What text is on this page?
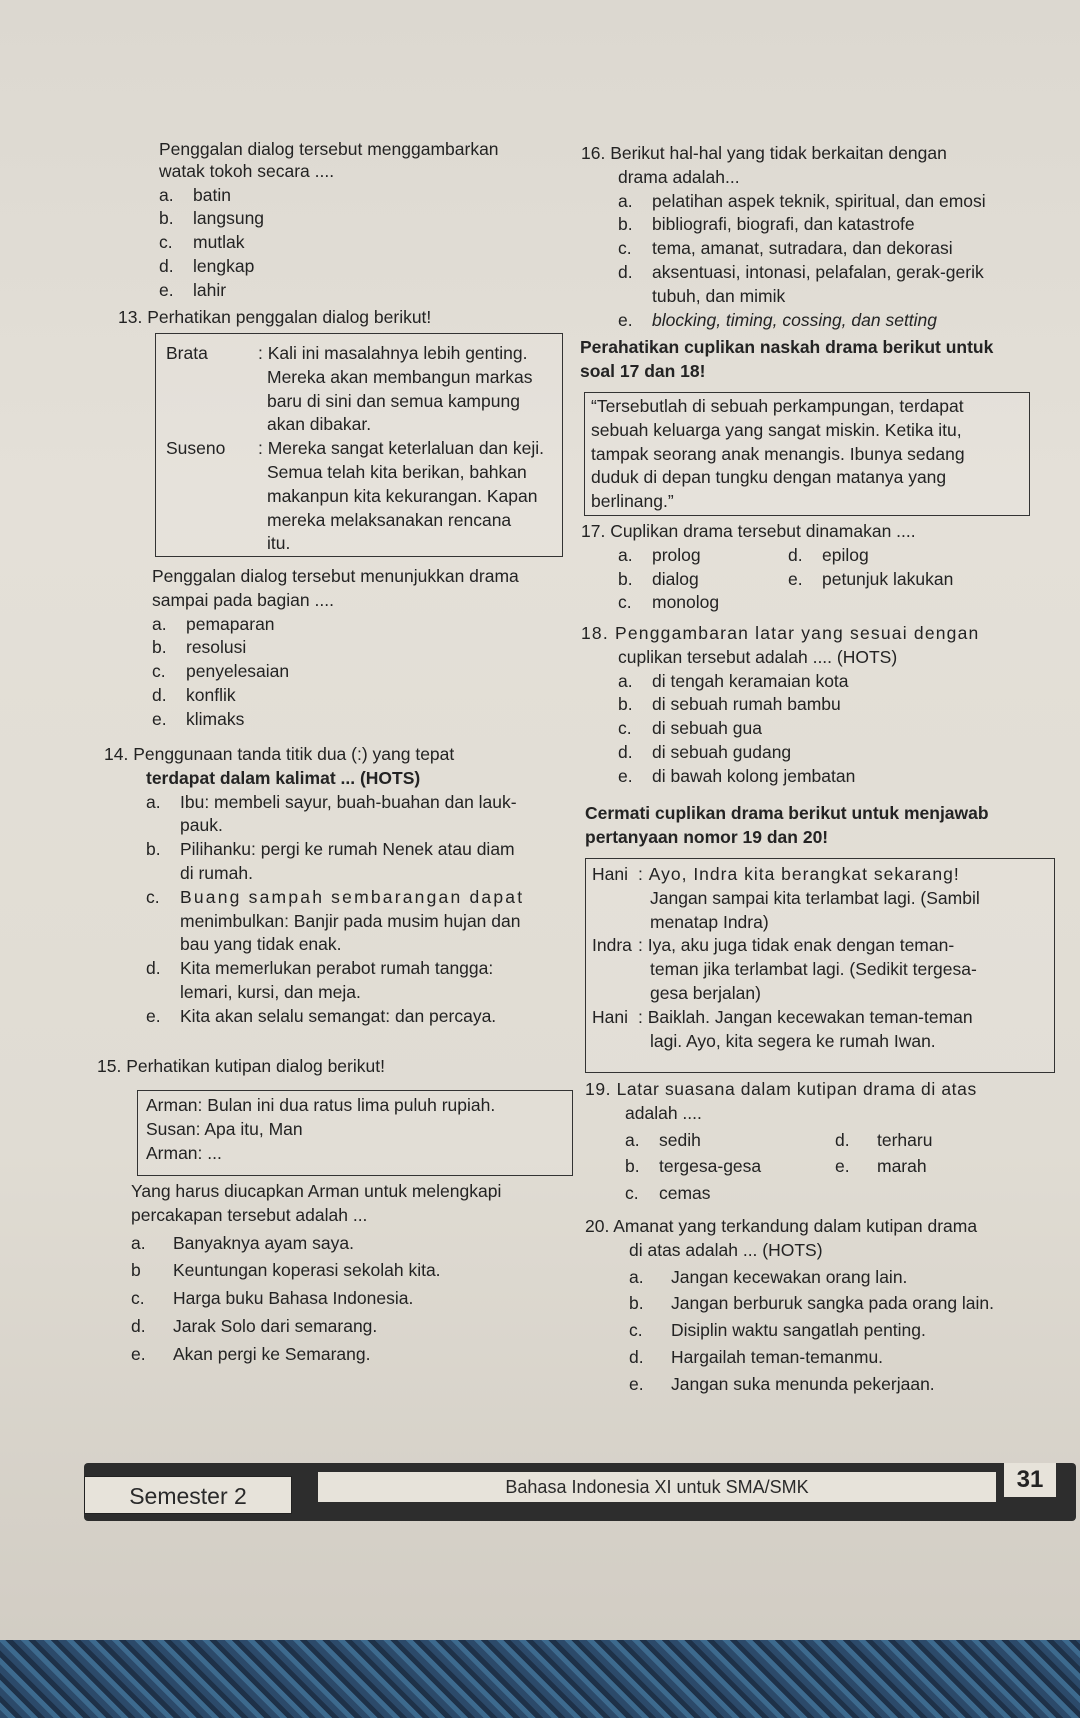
Penggalan dialog tersebut menggambarkan

watak tokoh secara ....

a.	batin
b.	langsung
c.	mutlak
d.	lengkap
e.	lahir
13. Perhatikan penggalan dialog berikut!
Brata	: Kali ini masalahnya lebih genting.

Mereka akan membangun markas

baru di sini dan semua kampung

akan dibakar.

Suseno	: Mereka sangat keterlaluan dan keji.

Semua telah kita berikan, bahkan

makanpun kita kekurangan. Kapan

mereka melaksanakan rencana

itu.

Penggalan dialog tersebut menunjukkan drama

sampai pada bagian ....

a.	pemaparan
b.	resolusi
c.	penyelesaian
d.	konflik
e.	klimaks

14. Penggunaan tanda titik dua (:) yang tepat

terdapat dalam kalimat ... (HOTS)

a.	Ibu: membeli sayur, buah-buahan dan lauk-

pauk.

b.	Pilihanku: pergi ke rumah Nenek atau diam

di rumah.

c.	Buang sampah sembarangan dapat

menimbulkan: Banjir pada musim hujan dan

bau yang tidak enak.

d.	Kita memerlukan perabot rumah tangga:

lemari, kursi, dan meja.

e.	Kita akan selalu semangat: dan percaya.

15. Perhatikan kutipan dialog berikut!
Arman : Bulan ini dua ratus lima puluh rupiah.
Susan : Apa itu, Man
Arman : ...

Yang harus diucapkan Arman untuk melengkapi

percakapan tersebut adalah ...

a.	Banyaknya ayam saya.
b	Keuntungan koperasi sekolah kita.
c.	Harga buku Bahasa Indonesia.
d.	Jarak Solo dari semarang.
e.	Akan pergi ke Semarang.

16. Berikut hal-hal yang tidak berkaitan dengan

drama adalah...

a.	pelatihan aspek teknik, spiritual, dan emosi

b.	bibliografi, biografi, dan katastrofe

c.	tema, amanat, sutradara, dan dekorasi

d.	aksentuasi, intonasi, pelafalan, gerak-gerik

tubuh, dan mimik

e.	blocking, timing, cossing, dan setting

Perahatikan cuplikan naskah drama berikut untuk

soal 17 dan 18!

“Tersebutlah di sebuah perkampungan, terdapat

sebuah keluarga yang sangat miskin. Ketika itu,

tampak seorang anak menangis. Ibunya sedang

duduk di depan tungku dengan matanya yang

berlinang.”

17. Cuplikan drama tersebut dinamakan ....

a.	prolog	d.	epilog
b.	dialog	e.	petunjuk lakukan
c.	monolog

18. Penggambaran latar yang sesuai dengan

cuplikan tersebut adalah .... (HOTS)

a.	di tengah keramaian kota
b.	di sebuah rumah bambu
c.	di sebuah gua
d.	di sebuah gudang
e.	di bawah kolong jembatan

Cermati cuplikan drama berikut untuk menjawab

pertanyaan nomor 19 dan 20!

Hani : Ayo, Indra kita berangkat sekarang!

Jangan sampai kita terlambat lagi. (Sambil

menatap Indra)

Indra : Iya, aku juga tidak enak dengan teman-

teman jika terlambat lagi. (Sedikit tergesa-

gesa berjalan)

Hani : Baiklah. Jangan kecewakan teman-teman

lagi. Ayo, kita segera ke rumah Iwan.

19. Latar suasana dalam kutipan drama di atas

adalah ....

a.	sedih	d.	terharu
b.	tergesa-gesa	e.	marah
c.	cemas

20. Amanat yang terkandung dalam kutipan drama

di atas adalah ... (HOTS)

a.	Jangan kecewakan orang lain.
b.	Jangan berburuk sangka pada orang lain.
c.	Disiplin waktu sangatlah penting.
d.	Hargailah teman-temanmu.
e.	Jangan suka menunda pekerjaan.
Semester 2	Bahasa Indonesia XI untuk SMA/SMK	31
